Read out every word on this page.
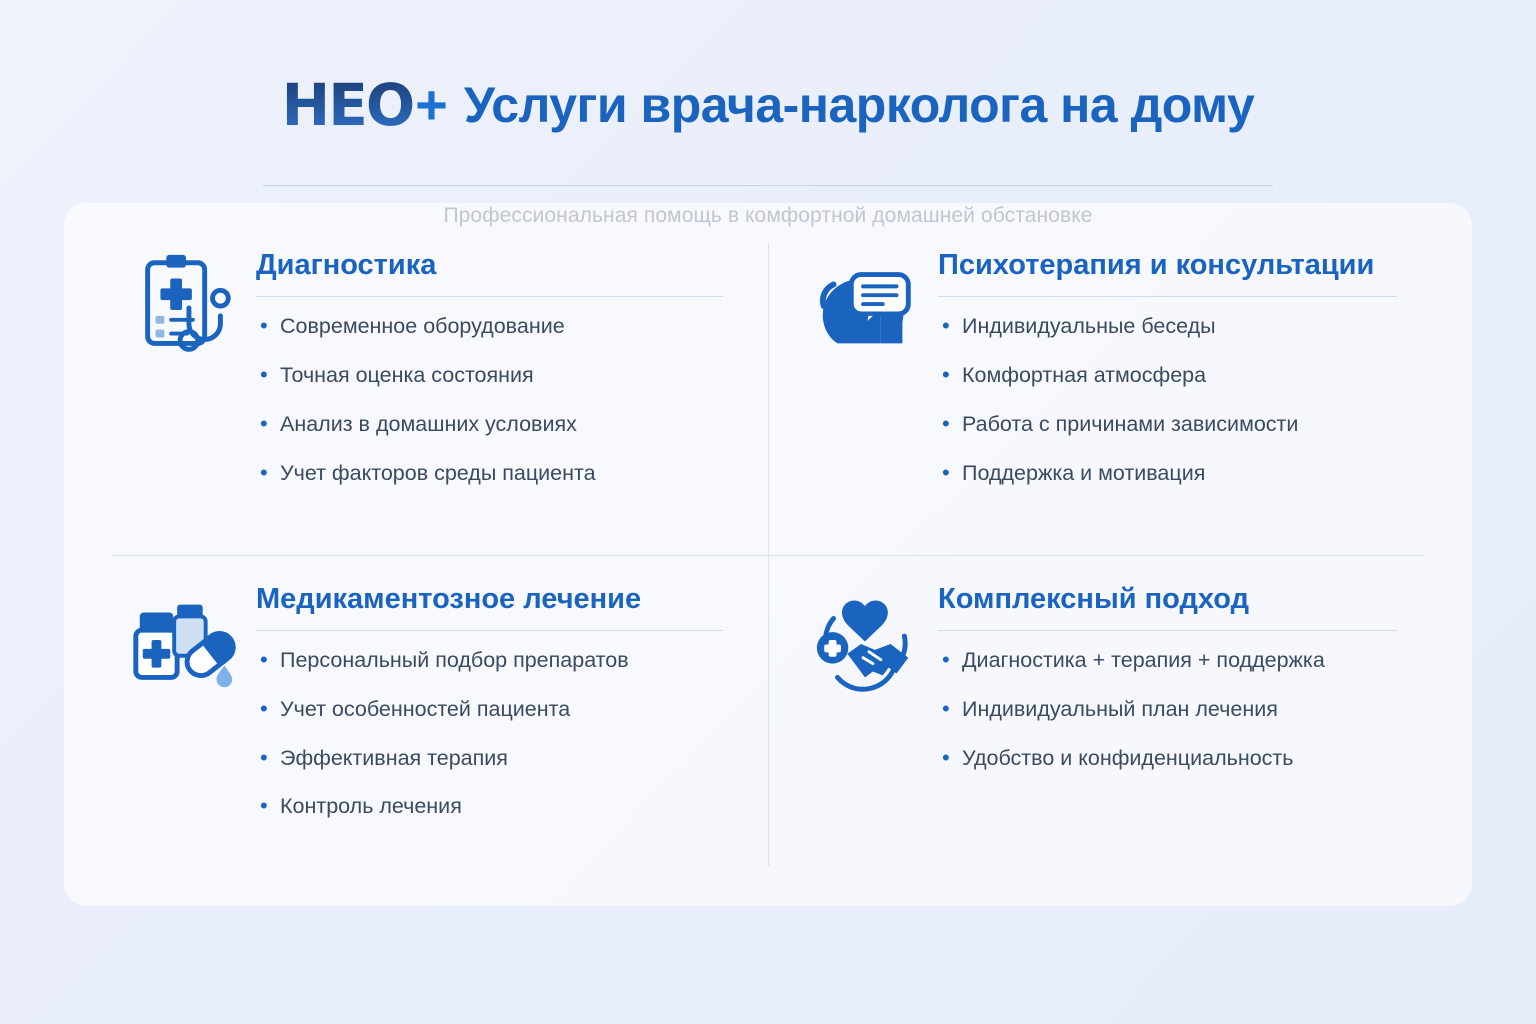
HEO + Услуги врача-нарколога на дому
Диагностика
• Современное оборудование
• Точная оценка состояния
• Анализ в домашних условиях
• Учет факторов среды пациента
Психотерапия и консультации
• Индивидуальные беседы
• Комфортная атмосфера
• Работа с причинами зависимости
• Поддержка и мотивация
Медикаментозное лечение
• Персональный подбор препаратов
• Учет особенностей пациента
• Эффективная терапия
• Контроль лечения
Комплексный подход
• Диагностика + терапия + поддержка
• Индивидуальный план лечения
• Удобство и конфиденциальность
